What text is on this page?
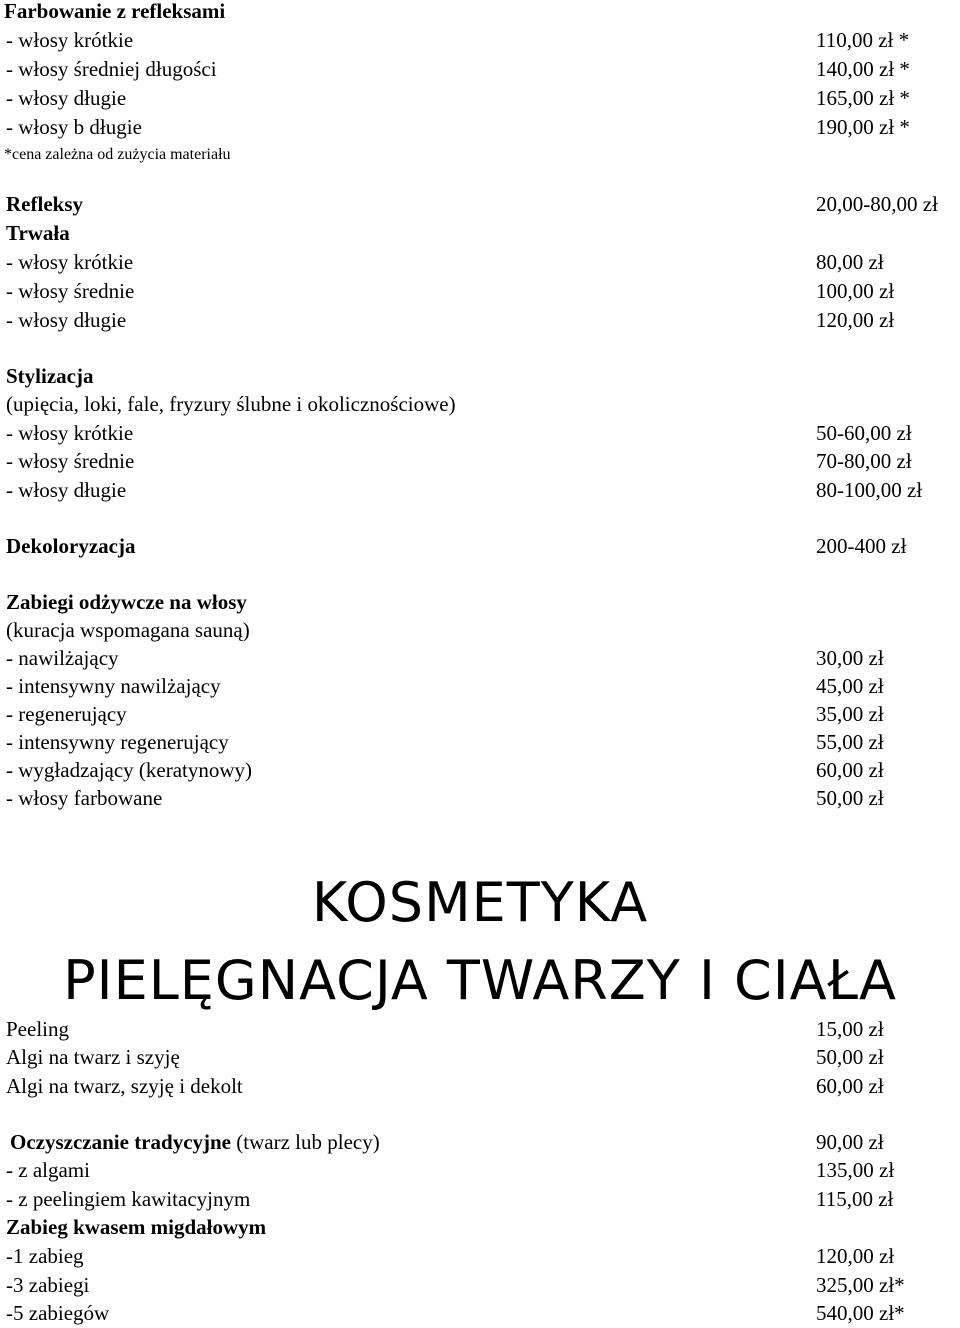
Farbowanie z refleksami
- włosy krótkie	110,00 zł *
- włosy średniej długości	140,00 zł *
- włosy długie	165,00 zł *
- włosy b długie	190,00 zł *
*cena zależna od zużycia materiału
Refleksy	20,00-80,00 zł
Trwała
- włosy krótkie	80,00 zł
- włosy średnie	100,00 zł
- włosy długie	120,00 zł
Stylizacja
(upięcia, loki, fale, fryzury ślubne i okolicznościowe)
- włosy krótkie	50-60,00 zł
- włosy średnie	70-80,00 zł
- włosy długie	80-100,00 zł
Dekoloryzacja	200-400 zł
Zabiegi odżywcze na włosy
(kuracja wspomagana sauną)
- nawilżający	30,00 zł
- intensywny nawilżający	45,00 zł
- regenerujący	35,00 zł
- intensywny regenerujący	55,00 zł
- wygładzający (keratynowy)	60,00 zł
- włosy farbowane	50,00 zł
KOSMETYKA
PIELĘGNACJA TWARZY I CIAŁA
Peeling	15,00 zł
Algi na twarz i szyję	50,00 zł
Algi na twarz, szyję i dekolt	60,00 zł
Oczyszczanie tradycyjne (twarz lub plecy)	90,00 zł
- z algami	135,00 zł
- z peelingiem kawitacyjnym	115,00 zł
Zabieg kwasem migdałowym
-1 zabieg	120,00 zł
-3 zabiegi	325,00 zł*
-5 zabiegów	540,00 zł*
